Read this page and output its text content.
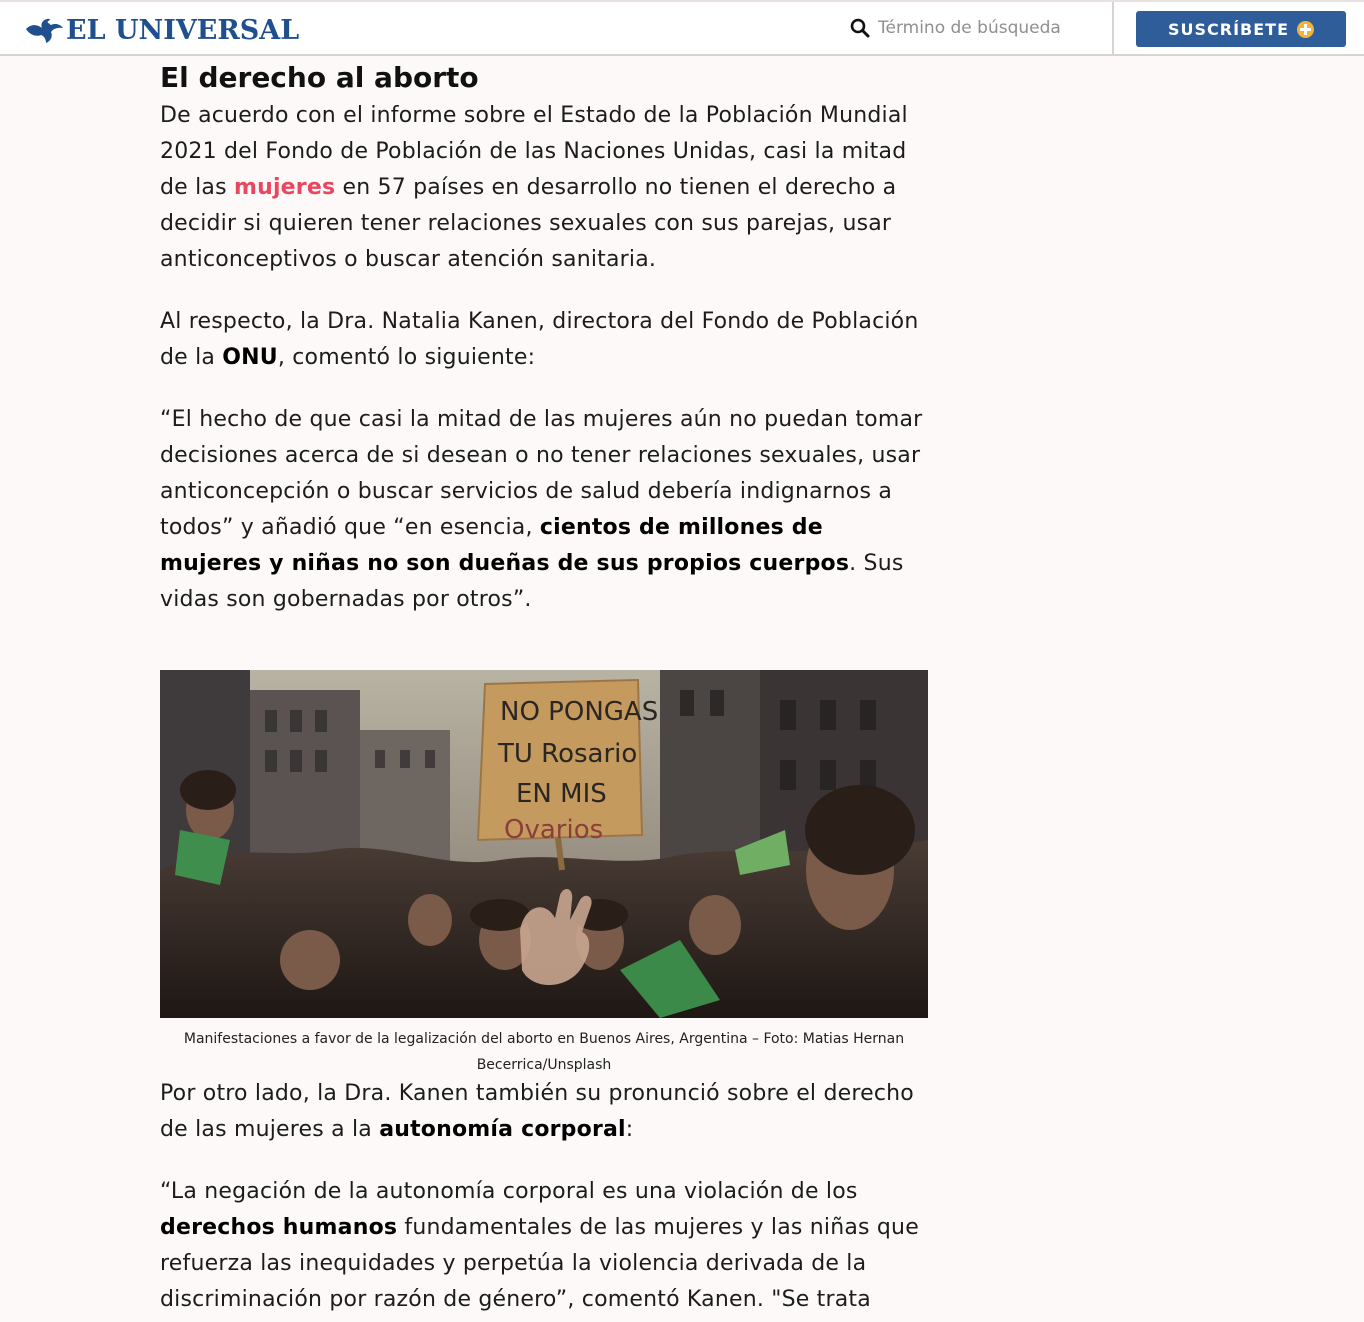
EL UNIVERSAL
Término de búsqueda	SUSCRÍBETE
El derecho al aborto

De acuerdo con el informe sobre el Estado de la Población Mundial 2021 del Fondo de Población de las Naciones Unidas, casi la mitad de las mujeres en 57 países en desarrollo no tienen el derecho a decidir si quieren tener relaciones sexuales con sus parejas, usar anticonceptivos o buscar atención sanitaria.

Al respecto, la Dra. Natalia Kanen, directora del Fondo de Población de la ONU, comentó lo siguiente:

“El hecho de que casi la mitad de las mujeres aún no puedan tomar decisiones acerca de si desean o no tener relaciones sexuales, usar anticoncepción o buscar servicios de salud debería indignarnos a todos” y añadió que “en esencia, cientos de millones de mujeres y niñas no son dueñas de sus propios cuerpos. Sus vidas son gobernadas por otros”.

NO PONGAS
TU Rosario
EN MIS
Ovarios
Manifestaciones a favor de la legalización del aborto en Buenos Aires, Argentina – Foto: Matias Hernan Becerrica/Unsplash

Por otro lado, la Dra. Kanen también su pronunció sobre el derecho de las mujeres a la autonomía corporal:

“La negación de la autonomía corporal es una violación de los derechos humanos fundamentales de las mujeres y las niñas que refuerza las inequidades y perpetúa la violencia derivada de la discriminación por razón de género”, comentó Kanen. "Se trata
